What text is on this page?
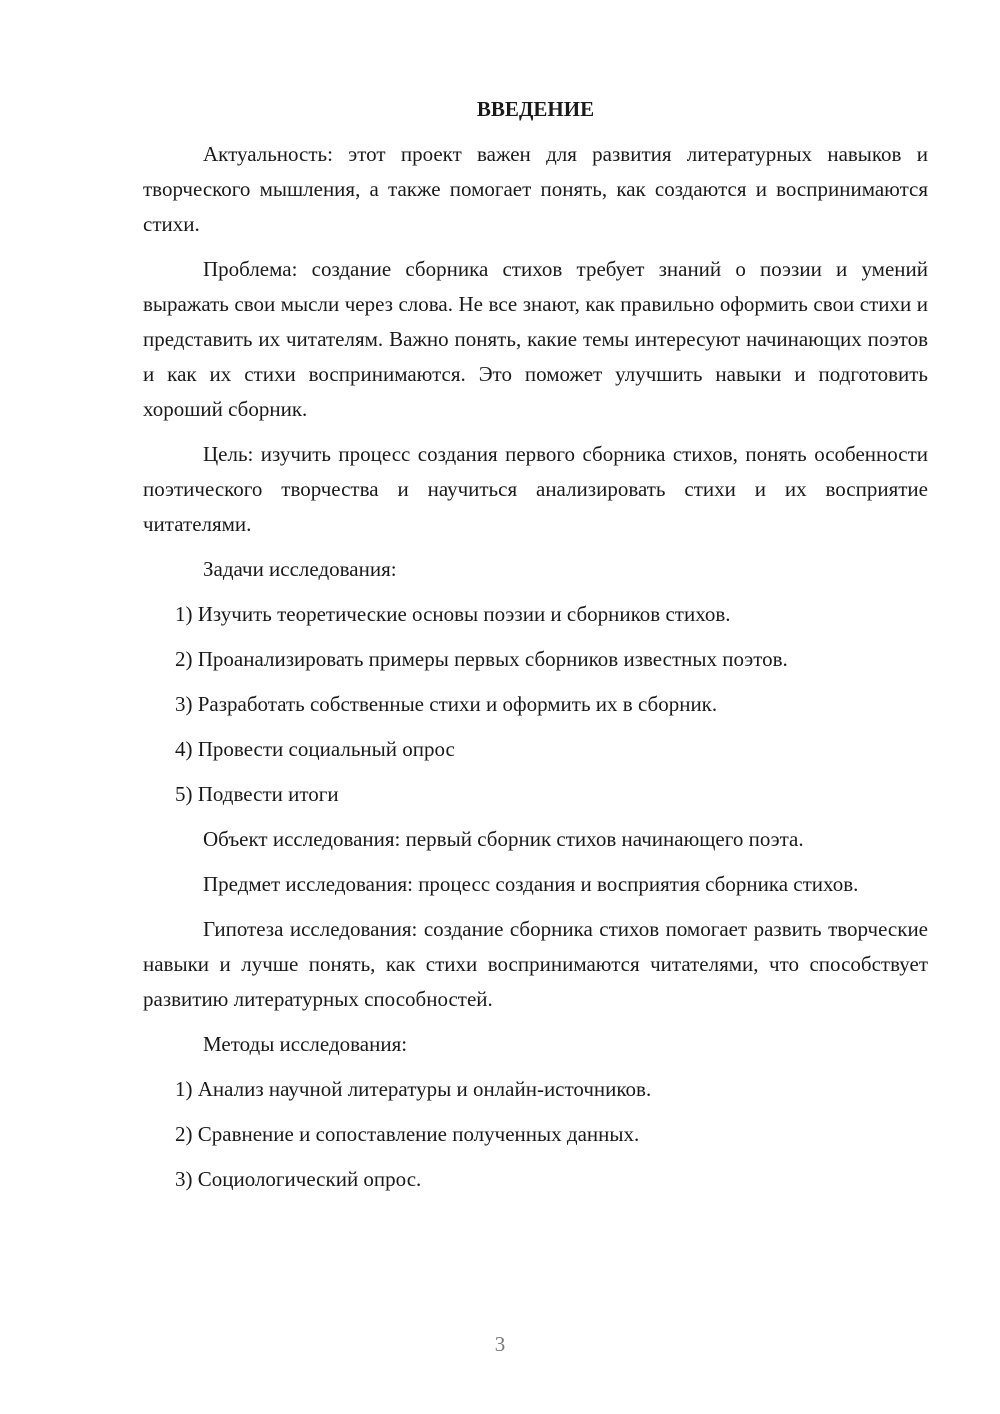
ВВЕДЕНИЕ

Актуальность: этот проект важен для развития литературных навыков и творческого мышления, а также помогает понять, как создаются и воспринимаются стихи.

Проблема: создание сборника стихов требует знаний о поэзии и умений выражать свои мысли через слова. Не все знают, как правильно оформить свои стихи и представить их читателям. Важно понять, какие темы интересуют начинающих поэтов и как их стихи воспринимаются. Это поможет улучшить навыки и подготовить хороший сборник.

Цель: изучить процесс создания первого сборника стихов, понять особенности поэтического творчества и научиться анализировать стихи и их восприятие читателями.

Задачи исследования:
1) Изучить теоретические основы поэзии и сборников стихов.
2) Проанализировать примеры первых сборников известных поэтов.
3) Разработать собственные стихи и оформить их в сборник.
4) Провести социальный опрос
5) Подвести итоги
Объект исследования: первый сборник стихов начинающего поэта.

Предмет исследования: процесс создания и восприятия сборника стихов.

Гипотеза исследования: создание сборника стихов помогает развить творческие навыки и лучше понять, как стихи воспринимаются читателями, что способствует развитию литературных способностей.

Методы исследования:
1) Анализ научной литературы и онлайн-источников.
2) Сравнение и сопоставление полученных данных.
3) Социологический опрос.
3
